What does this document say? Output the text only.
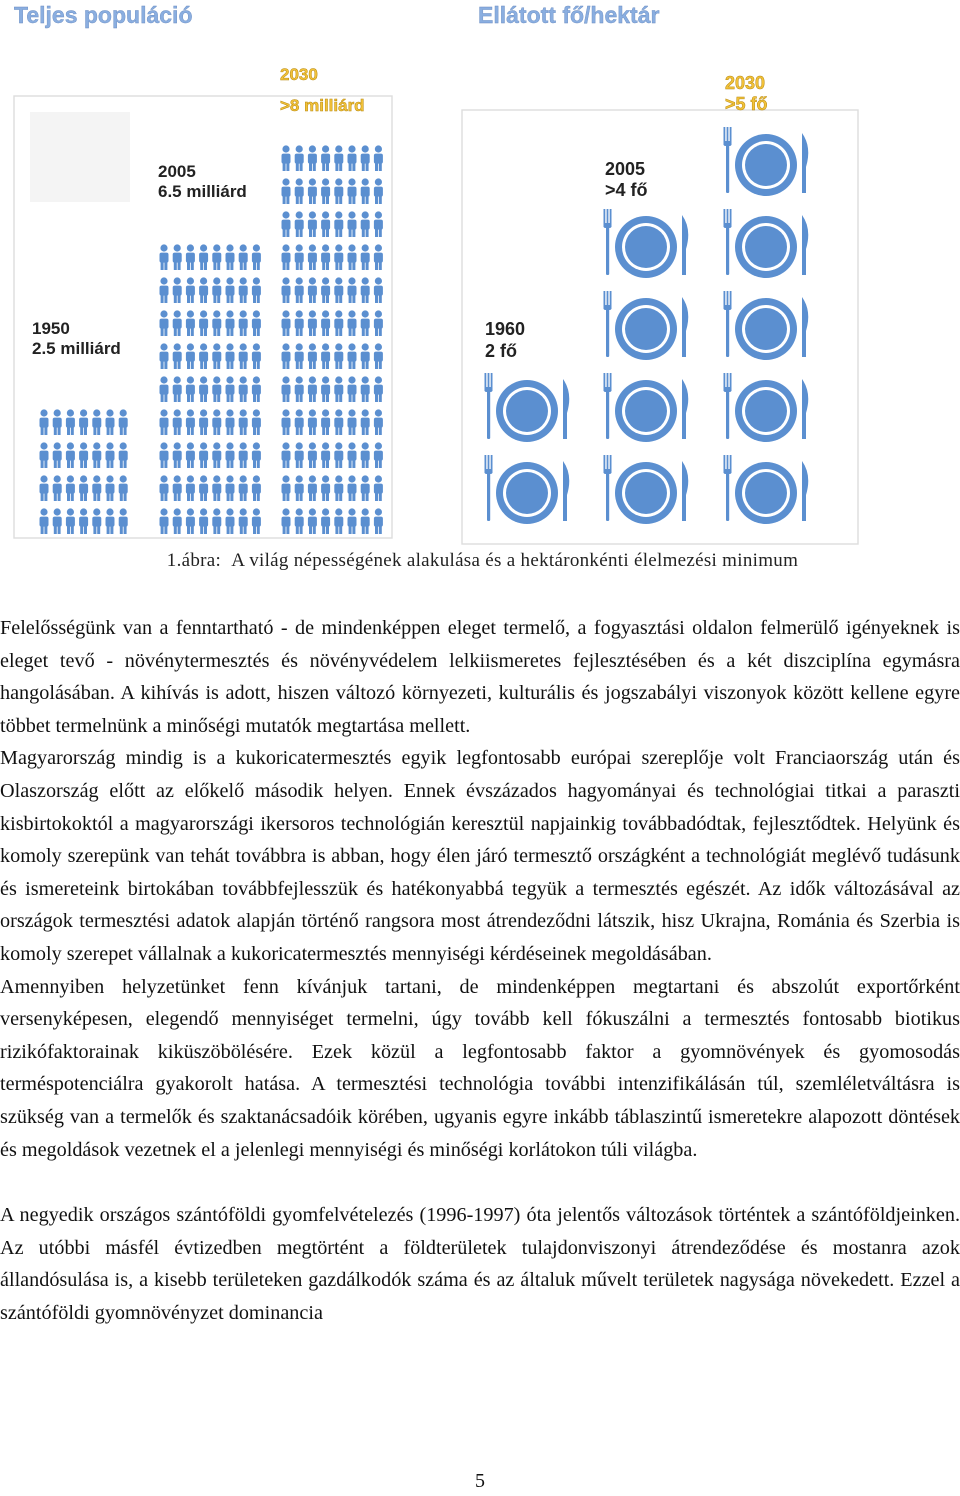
Teljes populáció	Ellátott fő/hektár
1950
2.5 milliárd
2005
6.5 milliárd
2030
>8 milliárd
1960
2 fő
2005
>4 fő
2030
>5 fő
1.ábra: A világ népességének alakulása és a hektáronkénti élelmezési minimum

Felelősségünk van a fenntartható - de mindenképpen eleget termelő, a fogyasztási oldalon felmerülő igényeknek is eleget tevő - növénytermesztés és növényvédelem lelkiismeretes fejlesztésében és a két diszciplína egymásra hangolásában. A kihívás is adott, hiszen változó környezeti, kulturális és jogszabályi viszonyok között kellene egyre többet termelnünk a minőségi mutatók megtartása mellett.

Magyarország mindig is a kukoricatermesztés egyik legfontosabb európai szereplője volt Franciaország után és Olaszország előtt az előkelő második helyen. Ennek évszázados hagyományai és technológiai titkai a paraszti kisbirtokoktól a magyarországi ikersoros technológián keresztül napjainkig továbbadódtak, fejlesztődtek. Helyünk és komoly szerepünk van tehát továbbra is abban, hogy élen járó termesztő országként a technológiát meglévő tudásunk és ismereteink birtokában továbbfejlesszük és hatékonyabbá tegyük a termesztés egészét. Az idők változásával az országok termesztési adatok alapján történő rangsora most átrendeződni látszik, hisz Ukrajna, Románia és Szerbia is komoly szerepet vállalnak a kukoricatermesztés mennyiségi kérdéseinek megoldásában.

Amennyiben helyzetünket fenn kívánjuk tartani, de mindenképpen megtartani és abszolút exportőrként versenyképesen, elegendő mennyiséget termelni, úgy tovább kell fókuszálni a termesztés fontosabb biotikus rizikófaktorainak kiküszöbölésére. Ezek közül a legfontosabb faktor a gyomnövények és gyomosodás terméspotenciálra gyakorolt hatása. A termesztési technológia további intenzifikálásán túl, szemléletváltásra is szükség van a termelők és szaktanácsadóik körében, ugyanis egyre inkább táblaszintű ismeretekre alapozott döntések és megoldások vezetnek el a jelenlegi mennyiségi és minőségi korlátokon túli világba.

A negyedik országos szántóföldi gyomfelvételezés (1996-1997) óta jelentős változások történtek a szántóföldjeinken. Az utóbbi másfél évtizedben megtörtént a földterületek tulajdonviszonyi átrendeződése és mostanra azok állandósulása is, a kisebb területeken gazdálkodók száma és az általuk művelt területek nagysága növekedett. Ezzel a szántóföldi gyomnövényzet dominancia

5
